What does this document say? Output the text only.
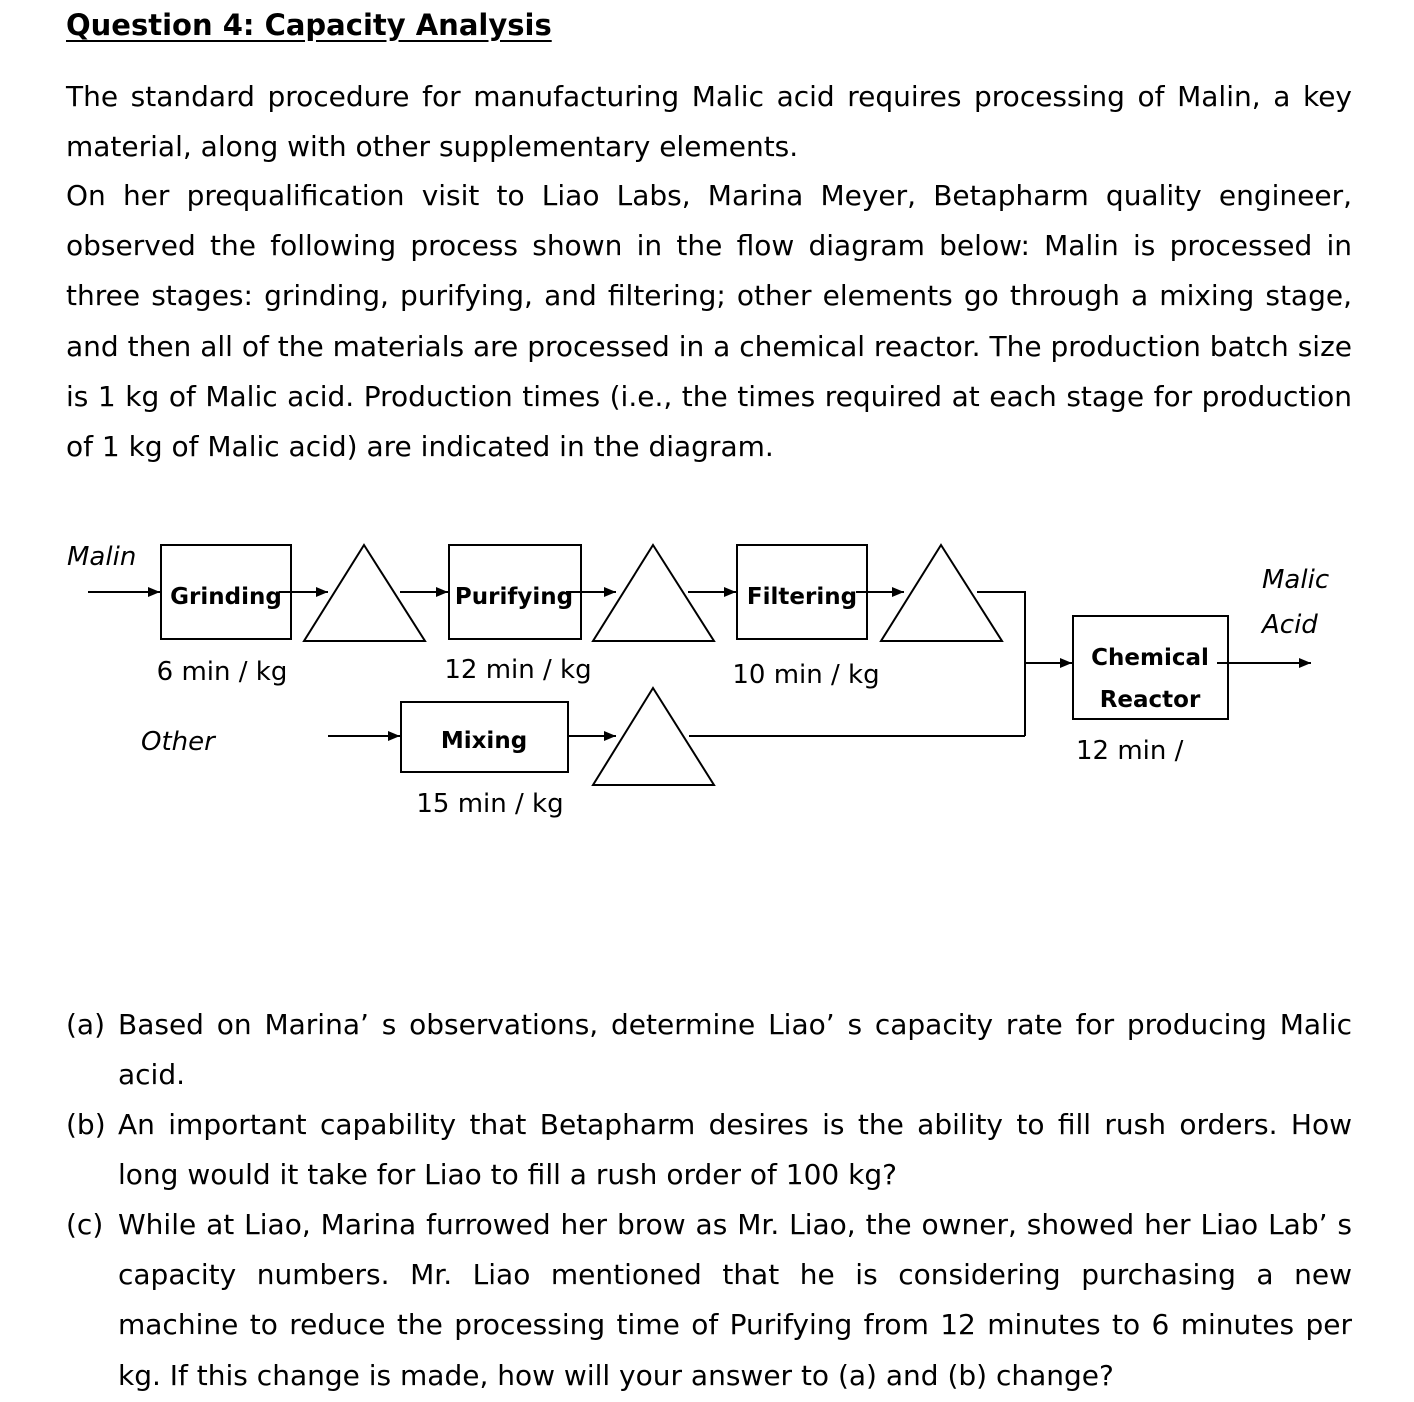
Question 4: Capacity Analysis

The standard procedure for manufacturing Malic acid requires processing of Malin, a key material, along with other supplementary elements.

On her prequalification visit to Liao Labs, Marina Meyer, Betapharm quality engineer, observed the following process shown in the flow diagram below: Malin is processed in three stages: grinding, purifying, and filtering; other elements go through a mixing stage, and then all of the materials are processed in a chemical reactor. The production batch size is 1 kg of Malic acid. Production times (i.e., the times required at each stage for production of 1 kg of Malic acid) are indicated in the diagram.

Malin
Grinding
6 min / kg
Purifying
12 min / kg
Filtering
10 min / kg
Other	Mixing
15 min / kg
Chemical
Reactor
12 min /
Malic
Acid
(a) Based on Marina’ s observations, determine Liao’ s capacity rate for producing Malic acid.
(b) An important capability that Betapharm desires is the ability to fill rush orders. How long would it take for Liao to fill a rush order of 100 kg?
(c) While at Liao, Marina furrowed her brow as Mr. Liao, the owner, showed her Liao Lab’ s capacity numbers. Mr. Liao mentioned that he is considering purchasing a new machine to reduce the processing time of Purifying from 12 minutes to 6 minutes per kg. If this change is made, how will your answer to (a) and (b) change?
